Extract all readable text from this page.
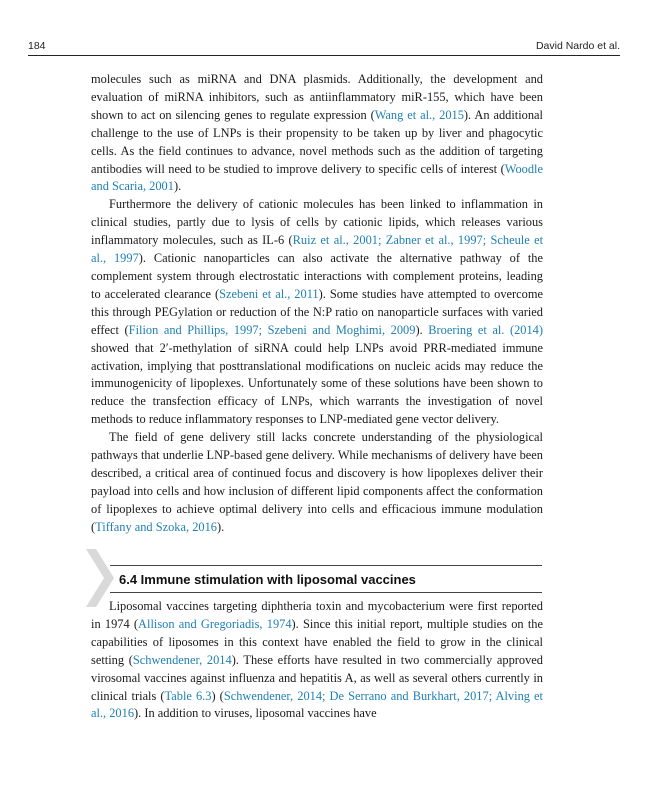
184	David Nardo et al.

molecules such as miRNA and DNA plasmids. Additionally, the development and evaluation of miRNA inhibitors, such as antiinflammatory miR-155, which have been shown to act on silencing genes to regulate expression (Wang et al., 2015). An additional challenge to the use of LNPs is their propensity to be taken up by liver and phagocytic cells. As the field continues to advance, novel methods such as the addition of targeting antibodies will need to be studied to improve delivery to specific cells of interest (Woodle and Scaria, 2001).

Furthermore the delivery of cationic molecules has been linked to inflammation in clinical studies, partly due to lysis of cells by cationic lipids, which releases various inflammatory molecules, such as IL-6 (Ruiz et al., 2001; Zabner et al., 1997; Scheule et al., 1997). Cationic nanoparticles can also activate the alternative pathway of the complement system through electrostatic interactions with complement proteins, leading to accelerated clearance (Szebeni et al., 2011). Some studies have attempted to overcome this through PEGylation or reduction of the N:P ratio on nanoparticle surfaces with varied effect (Filion and Phillips, 1997; Szebeni and Moghimi, 2009). Broering et al. (2014) showed that 2′-methylation of siRNA could help LNPs avoid PRR-mediated immune activation, implying that posttranslational modifications on nucleic acids may reduce the immunogenicity of lipoplexes. Unfortunately some of these solutions have been shown to reduce the transfection efficacy of LNPs, which warrants the investigation of novel methods to reduce inflammatory responses to LNP-mediated gene vector delivery.

The field of gene delivery still lacks concrete understanding of the physiological pathways that underlie LNP-based gene delivery. While mechanisms of delivery have been described, a critical area of continued focus and discovery is how lipoplexes deliver their payload into cells and how inclusion of different lipid components affect the conformation of lipoplexes to achieve optimal delivery into cells and efficacious immune modulation (Tiffany and Szoka, 2016).

6.4 Immune stimulation with liposomal vaccines

Liposomal vaccines targeting diphtheria toxin and mycobacterium were first reported in 1974 (Allison and Gregoriadis, 1974). Since this initial report, multiple studies on the capabilities of liposomes in this context have enabled the field to grow in the clinical setting (Schwendener, 2014). These efforts have resulted in two commercially approved virosomal vaccines against influenza and hepatitis A, as well as several others currently in clinical trials (Table 6.3) (Schwendener, 2014; De Serrano and Burkhart, 2017; Alving et al., 2016). In addition to viruses, liposomal vaccines have
